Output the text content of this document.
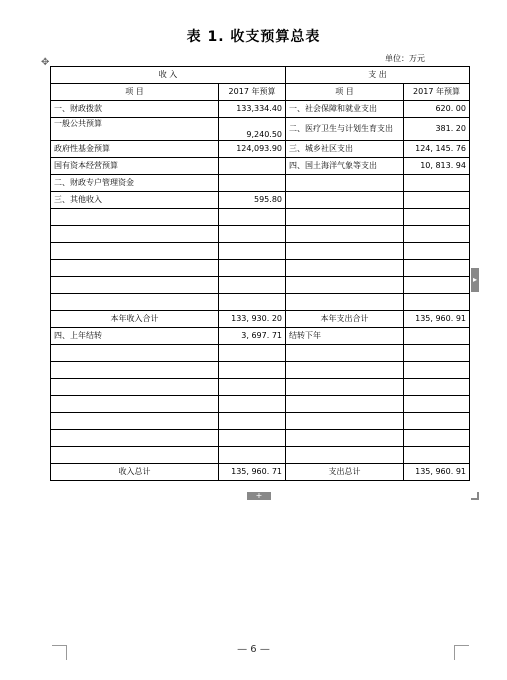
表 1. 收支预算总表
单位：万元
✥
收 入		支 出	
项 目	2017 年预算	项 目	2017 年预算
一、财政拨款	133,334.40	一、社会保障和就业支出	620. 00
一般公共预算	9,240.50	二、医疗卫生与计划生育支出	381. 20
政府性基金预算	124,093.90	三、城乡社区支出	124, 145. 76
国有资本经营预算		四、国土海洋气象等支出	10, 813. 94
二、财政专户管理资金			
三、其他收入	595.80		

本年收入合计	133, 930. 20	本年支出合计	135, 960. 91
四、上年结转	3, 697. 71	结转下年	

收入总计	135, 960. 71	支出总计	135, 960. 91
▸
+
— 6 —
